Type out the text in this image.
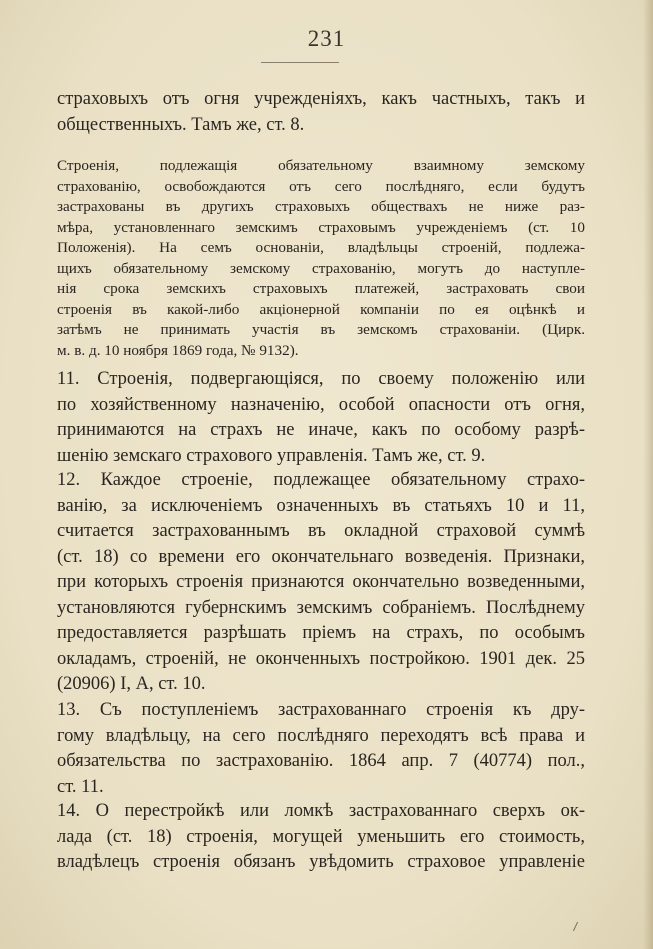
231
страховыхъ отъ огня учрежденіяхъ, какъ частныхъ, такъ и
общественныхъ. Тамъ же, ст. 8.
Строенія, подлежащія обязательному взаимному земскому
страхованію, освобождаются отъ сего послѣдняго, если будутъ
застрахованы въ другихъ страховыхъ обществахъ не ниже раз-
мѣра, установленнаго земскимъ страховымъ учрежденіемъ (ст. 10
Положенія). На семъ основаніи, владѣльцы строеній, подлежа-
щихъ обязательному земскому страхованію, могутъ до наступле-
нія срока земскихъ страховыхъ платежей, застраховать свои
строенія въ какой-либо акціонерной компаніи по ея оцѣнкѣ и
затѣмъ не принимать участія въ земскомъ страхованіи. (Цирк.
м. в. д. 10 ноября 1869 года, № 9132).
11. Строенія, подвергающіяся, по своему положенію или
по хозяйственному назначенію, особой опасности отъ огня,
принимаются на страхъ не иначе, какъ по особому разрѣ-
шенію земскаго страхового управленія. Тамъ же, ст. 9.
12. Каждое строеніе, подлежащее обязательному страхо-
ванію, за исключеніемъ означенныхъ въ статьяхъ 10 и 11,
считается застрахованнымъ въ окладной страховой суммѣ
(ст. 18) со времени его окончательнаго возведенія. Признаки,
при которыхъ строенія признаются окончательно возведенными,
установляются губернскимъ земскимъ собраніемъ. Послѣднему
предоставляется разрѣшать пріемъ на страхъ, по особымъ
окладамъ, строеній, не оконченныхъ постройкою. 1901 дек. 25
(20906) I, А, ст. 10.
13. Съ поступленіемъ застрахованнаго строенія къ дру-
гому владѣльцу, на сего послѣдняго переходятъ всѣ права и
обязательства по застрахованію. 1864 апр. 7 (40774) пол.,
ст. 11.
14. О перестройкѣ или ломкѣ застрахованнаго сверхъ ок-
лада (ст. 18) строенія, могущей уменьшить его стоимость,
владѣлецъ строенія обязанъ увѣдомить страховое управленіе
